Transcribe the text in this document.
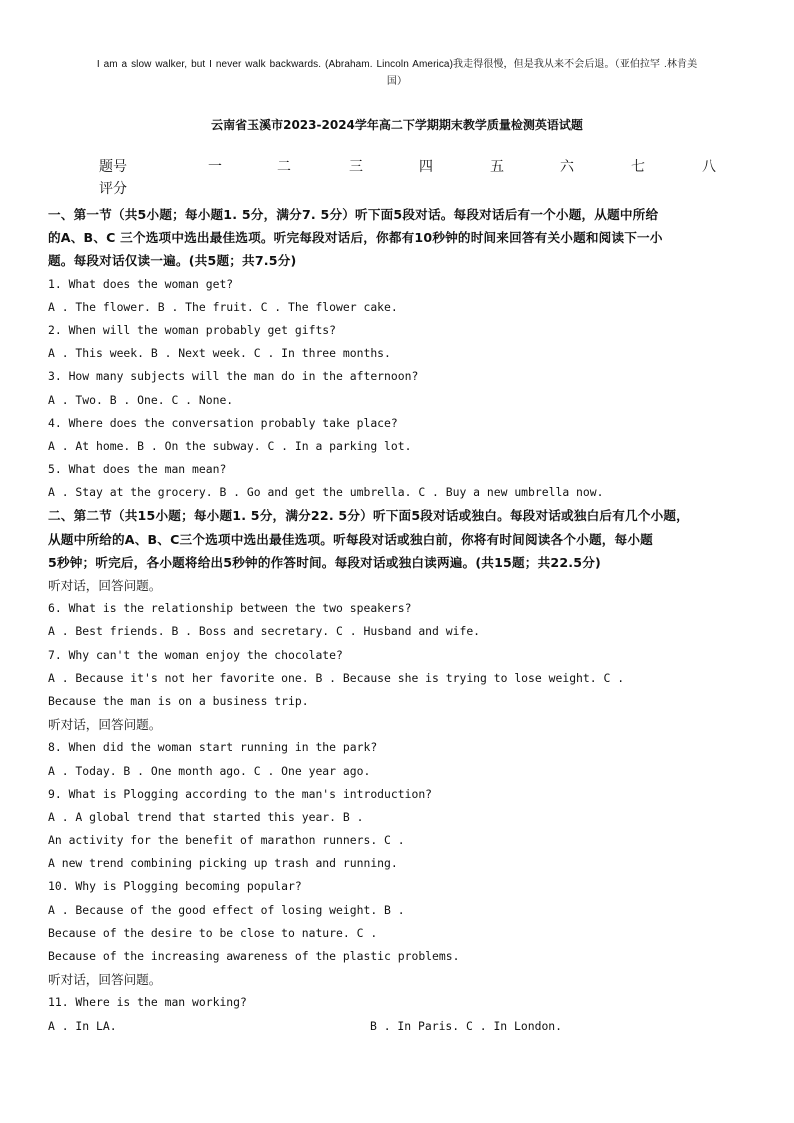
I am a slow walker, but I never walk backwards. (Abraham. Lincoln America)我走得很慢，但是我从来不会后退。（亚伯拉罕 .林肯美
国）
云南省玉溪市2023-2024学年高二下学期期末教学质量检测英语试题
题号	一	二	三	四	五	六	七	八
评分
一、第一节（共5小题；每小题1. 5分，满分7. 5分）听下面5段对话。每段对话后有一个小题，从题中所给
的A、B、C 三个选项中选出最佳选项。听完每段对话后，你都有10秒钟的时间来回答有关小题和阅读下一小
题。每段对话仅读一遍。(共5题；共7.5分)
1. What does the woman get?
A . The flower. B . The fruit. C . The flower cake.
2. When will the woman probably get gifts?
A . This week. B . Next week. C . In three months.
3. How many subjects will the man do in the afternoon?
A . Two. B . One. C . None.
4. Where does the conversation probably take place?
A . At home. B . On the subway. C . In a parking lot.
5. What does the man mean?
A . Stay at the grocery. B . Go and get the umbrella. C . Buy a new umbrella now.
二、第二节（共15小题；每小题1. 5分，满分22. 5分）听下面5段对话或独白。每段对话或独白后有几个小题，
从题中所给的A、B、C三个选项中选出最佳选项。听每段对话或独白前，你将有时间阅读各个小题，每小题
5秒钟；听完后，各小题将给出5秒钟的作答时间。每段对话或独白读两遍。(共15题；共22.5分)
听对话，回答问题。
6. What is the relationship between the two speakers?
A . Best friends. B . Boss and secretary. C . Husband and wife.
7. Why can't the woman enjoy the chocolate?
A . Because it's not her favorite one. B . Because she is trying to lose weight. C .
Because the man is on a business trip.
听对话，回答问题。
8. When did the woman start running in the park?
A . Today. B . One month ago. C . One year ago.
9. What is Plogging according to the man's introduction?
A . A global trend that started this year. B .
An activity for the benefit of marathon runners. C .
A new trend combining picking up trash and running.
10. Why is Plogging becoming popular?
A . Because of the good effect of losing weight. B .
Because of the desire to be close to nature. C .
Because of the increasing awareness of the plastic problems.
听对话，回答问题。
11. Where is the man working?
A . In LA.	B . In Paris. C . In London.
